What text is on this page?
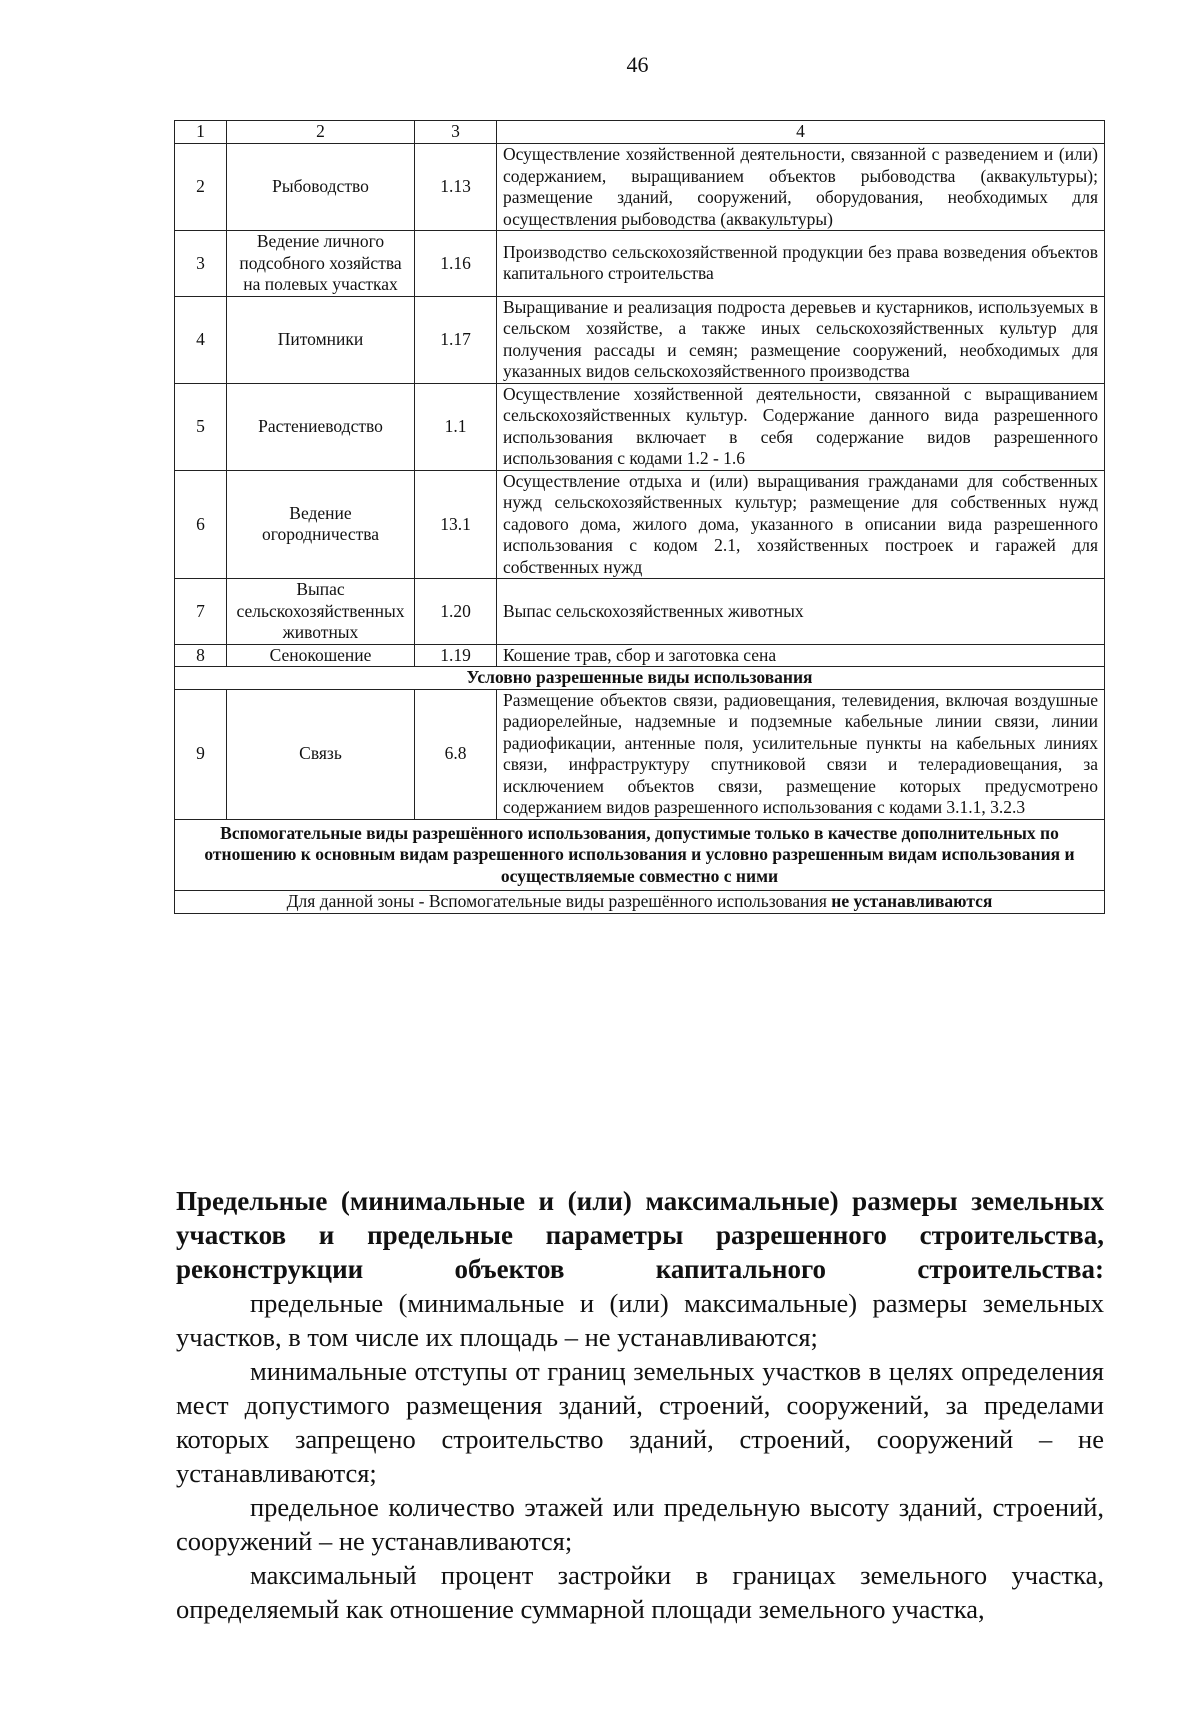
46
1	2	3	4
2	Рыбоводство	1.13	Осуществление хозяйственной деятельности, связанной с разведением и (или) содержанием, выращиванием объектов рыбоводства (аквакультуры); размещение зданий, сооружений, оборудования, необходимых для осуществления рыбоводства (аквакультуры)
3	Ведение личного подсобного хозяйства на полевых участках	1.16	Производство сельскохозяйственной продукции без права возведения объектов капитального строительства
4	Питомники	1.17	Выращивание и реализация подроста деревьев и кустарников, используемых в сельском хозяйстве, а также иных сельскохозяйственных культур для получения рассады и семян; размещение сооружений, необходимых для указанных видов сельскохозяйственного производства
5	Растениеводство	1.1	Осуществление хозяйственной деятельности, связанной с выращиванием сельскохозяйственных культур. Содержание данного вида разрешенного использования включает в себя содержание видов разрешенного использования с кодами 1.2 - 1.6
6	Ведение огородничества	13.1	Осуществление отдыха и (или) выращивания гражданами для собственных нужд сельскохозяйственных культур; размещение для собственных нужд садового дома, жилого дома, указанного в описании вида разрешенного использования с кодом 2.1, хозяйственных построек и гаражей для собственных нужд
7	Выпас сельскохозяйственных животных	1.20	Выпас сельскохозяйственных животных
8	Сенокошение	1.19	Кошение трав, сбор и заготовка сена
Условно разрешенные виды использования			
9	Связь	6.8	Размещение объектов связи, радиовещания, телевидения, включая воздушные радиорелейные, надземные и подземные кабельные линии связи, линии радиофикации, антенные поля, усилительные пункты на кабельных линиях связи, инфраструктуру спутниковой связи и телерадиовещания, за исключением объектов связи, размещение которых предусмотрено содержанием видов разрешенного использования с кодами 3.1.1, 3.2.3
Вспомогательные виды разрешённого использования, допустимые только в качестве дополнительных по отношению к основным видам разрешенного использования и условно разрешенным видам использования и осуществляемые совместно с ними			
Для данной зоны - Вспомогательные виды разрешённого использования не устанавливаются			

Предельные (минимальные и (или) максимальные) размеры земельных участков и предельные параметры разрешенного строительства, реконструкции объектов капитального строительства:

предельные (минимальные и (или) максимальные) размеры земельных участков, в том числе их площадь – не устанавливаются;

минимальные отступы от границ земельных участков в целях определения мест допустимого размещения зданий, строений, сооружений, за пределами которых запрещено строительство зданий, строений, сооружений – не устанавливаются;

предельное количество этажей или предельную высоту зданий, строений, сооружений – не устанавливаются;

максимальный процент застройки в границах земельного участка, определяемый как отношение суммарной площади земельного участка,
